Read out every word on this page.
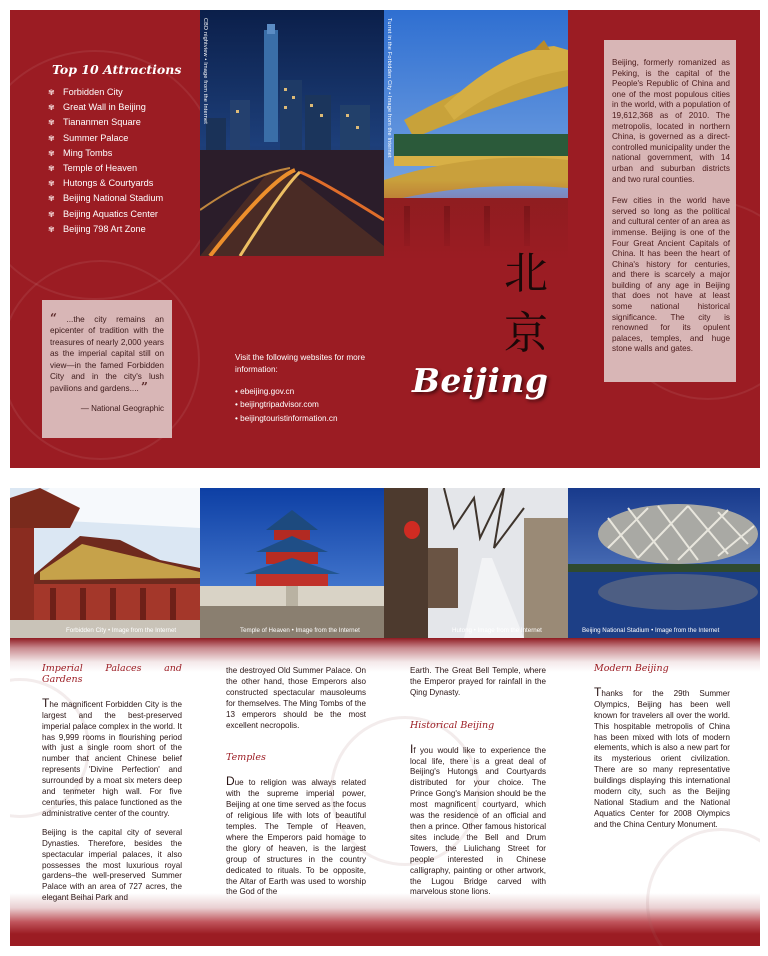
Top 10 Attractions
✾ Forbidden City
✾ Great Wall in Beijing
✾ Tiananmen Square
✾ Summer Palace
✾ Ming Tombs
✾ Temple of Heaven
✾ Hutongs & Courtyards
✾ Beijing National Stadium
✾ Beijing Aquatics Center
✾ Beijing 798 Art Zone
“ ...the city remains an epicenter of tradition with the treasures of nearly 2,000 years as the imperial capital still on view—in the famed Forbidden City and in the city's lush pavilions and gardens.... ”
— National Geographic
CBD nightview • Image from the Internet
Visit the following websites for more information:
• ebeijing.gov.cn
• beijingtripadvisor.com
• beijingtouristinformation.cn
Turret in the Forbidden City • Image from the Internet
北
京
Beijing

Beijing, formerly romanized as Peking, is the capital of the People's Republic of China and one of the most populous cities in the world, with a population of 19,612,368 as of 2010. The metropolis, located in northern China, is governed as a direct-controlled municipality under the national government, with 14 urban and suburban districts and two rural counties.

Few cities in the world have served so long as the political and cultural center of an area as immense. Beijing is one of the Four Great Ancient Capitals of China. It has been the heart of China's history for centuries, and there is scarcely a major building of any age in Beijing that does not have at least some national historical significance. The city is renowned for its opulent palaces, temples, and huge stone walls and gates.

Forbidden City • Image from the Internet	Temple of Heaven • Image from the Internet	Hutong • Image from the Internet	Beijing National Stadium • Image from the Internet
Imperial Palaces and Gardens

The magnificent Forbidden City is the largest and the best-preserved imperial palace complex in the world. It has 9,999 rooms in flourishing period with just a single room short of the number that ancient Chinese belief represents 'Divine Perfection' and surrounded by a moat six meters deep and tenmeter high wall. For five centuries, this palace functioned as the administrative center of the country.

Beijing is the capital city of several Dynasties. Therefore, besides the spectacular imperial palaces, it also possesses the most luxurious royal gardens–the well-preserved Summer Palace with an area of 727 acres, the elegant Beihai Park and

the destroyed Old Summer Palace. On the other hand, those Emperors also constructed spectacular mausoleums for themselves. The Ming Tombs of the 13 emperors should be the most excellent necropolis.

Temples

Due to religion was always related with the supreme imperial power, Beijing at one time served as the focus of religious life with lots of beautiful temples. The Temple of Heaven, where the Emperors paid homage to the glory of heaven, is the largest group of structures in the country dedicated to rituals. To be opposite, the Altar of Earth was used to worship the God of the

Earth. The Great Bell Temple, where the Emperor prayed for rainfall in the Qing Dynasty.

Historical Beijing

If you would like to experience the local life, there is a great deal of Beijing's Hutongs and Courtyards distributed for your choice. The Prince Gong's Mansion should be the most magnificent courtyard, which was the residence of an official and then a prince. Other famous historical sites include the Bell and Drum Towers, the Liulichang Street for people interested in Chinese calligraphy, painting or other artwork, the Lugou Bridge carved with marvelous stone lions.

Modern Beijing

Thanks for the 29th Summer Olympics, Beijing has been well known for travelers all over the world. This hospitable metropolis of China has been mixed with lots of modern elements, which is also a new part for its mysterious orient civilization. There are so many representative buildings displaying this international modern city, such as the Beijing National Stadium and the National Aquatics Center for 2008 Olympics and the China Century Monument.
